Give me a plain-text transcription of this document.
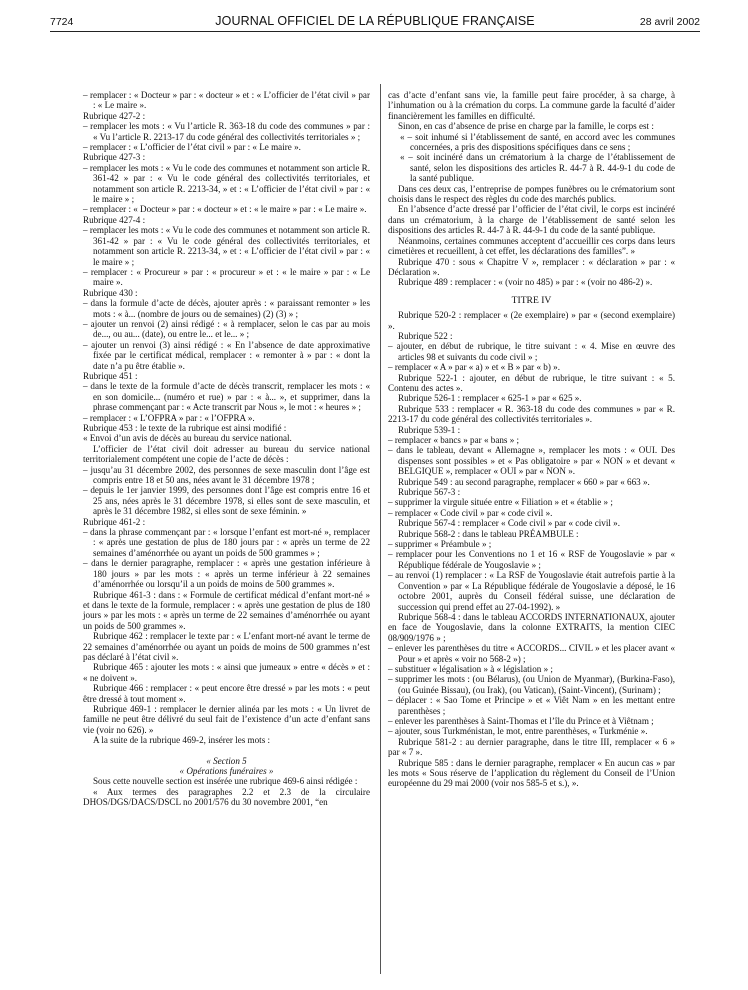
7724	JOURNAL OFFICIEL DE LA RÉPUBLIQUE FRANÇAISE	28 avril 2002

– remplacer : « Docteur » par : « docteur » et : « L’officier de l’état civil » par : « Le maire ».

Rubrique 427-2 :

– remplacer les mots : « Vu l’article R. 363-18 du code des communes » par : « Vu l’article R. 2213-17 du code général des collectivités territoriales » ;

– remplacer : « L’officier de l’état civil » par : « Le maire ».

Rubrique 427-3 :

– remplacer les mots : « Vu le code des communes et notamment son article R. 361-42 » par : « Vu le code général des collectivités territoriales, et notamment son article R. 2213-34, » et : « L’officier de l’état civil » par : « le maire » ;

– remplacer : « Docteur » par : « docteur » et : « le maire » par : « Le maire ».

Rubrique 427-4 :

– remplacer les mots : « Vu le code des communes et notamment son article R. 361-42 » par : « Vu le code général des collectivités territoriales, et notamment son article R. 2213-34, » et : « L’officier de l’état civil » par : « le maire » ;

– remplacer : « Procureur » par : « procureur » et : « le maire » par : « Le maire ».

Rubrique 430 :

– dans la formule d’acte de décès, ajouter après : « paraissant remonter » les mots : « à... (nombre de jours ou de semaines) (2) (3) » ;

– ajouter un renvoi (2) ainsi rédigé : « à remplacer, selon le cas par au mois de..., ou au... (date), ou entre le... et le... » ;

– ajouter un renvoi (3) ainsi rédigé : « En l’absence de date approximative fixée par le certificat médical, remplacer : « remonter à » par : « dont la date n’a pu être établie ».

Rubrique 451 :

– dans le texte de la formule d’acte de décès transcrit, remplacer les mots : « en son domicile... (numéro et rue) » par : « à... », et supprimer, dans la phrase commençant par : « Acte transcrit par Nous », le mot : « heures » ;

– remplacer : « L’OFPRA » par : « l’OFPRA ».

Rubrique 453 : le texte de la rubrique est ainsi modifié :

« Envoi d’un avis de décès au bureau du service national.

L’officier de l’état civil doit adresser au bureau du service national territorialement compétent une copie de l’acte de décès :

– jusqu’au 31 décembre 2002, des personnes de sexe masculin dont l’âge est compris entre 18 et 50 ans, nées avant le 31 décembre 1978 ;

– depuis le 1er janvier 1999, des personnes dont l’âge est compris entre 16 et 25 ans, nées après le 31 décembre 1978, si elles sont de sexe masculin, et après le 31 décembre 1982, si elles sont de sexe féminin. »

Rubrique 461-2 :

– dans la phrase commençant par : « lorsque l’enfant est mort-né », remplacer : « après une gestation de plus de 180 jours par : « après un terme de 22 semaines d’aménorrhée ou ayant un poids de 500 grammes » ;

– dans le dernier paragraphe, remplacer : « après une gestation inférieure à 180 jours » par les mots : « après un terme inférieur à 22 semaines d’aménorrhée ou lorsqu’il a un poids de moins de 500 grammes ».

Rubrique 461-3 : dans : « Formule de certificat médical d’enfant mort-né » et dans le texte de la formule, remplacer : « après une gestation de plus de 180 jours » par les mots : « après un terme de 22 semaines d’aménorrhée ou ayant un poids de 500 grammes ».

Rubrique 462 : remplacer le texte par : « L’enfant mort-né avant le terme de 22 semaines d’aménorrhée ou ayant un poids de moins de 500 grammes n’est pas déclaré à l’état civil ».

Rubrique 465 : ajouter les mots : « ainsi que jumeaux » entre « décès » et : « ne doivent ».

Rubrique 466 : remplacer : « peut encore être dressé » par les mots : « peut être dressé à tout moment ».

Rubrique 469-1 : remplacer le dernier alinéa par les mots : « Un livret de famille ne peut être délivré du seul fait de l’existence d’un acte d’enfant sans vie (voir no 626). »

A la suite de la rubrique 469-2, insérer les mots :

« Section 5

« Opérations funéraires »

Sous cette nouvelle section est insérée une rubrique 469-6 ainsi rédigée :

« Aux termes des paragraphes 2.2 et 2.3 de la circulaire DHOS/DGS/DACS/DSCL no 2001/576 du 30 novembre 2001, “en

cas d’acte d’enfant sans vie, la famille peut faire procéder, à sa charge, à l’inhumation ou à la crémation du corps. La commune garde la faculté d’aider financièrement les familles en difficulté.

Sinon, en cas d’absence de prise en charge par la famille, le corps est :

« – soit inhumé si l’établissement de santé, en accord avec les communes concernées, a pris des dispositions spécifiques dans ce sens ;

« – soit incinéré dans un crématorium à la charge de l’établissement de santé, selon les dispositions des articles R. 44-7 à R. 44-9-1 du code de la santé publique.

Dans ces deux cas, l’entreprise de pompes funèbres ou le crématorium sont choisis dans le respect des règles du code des marchés publics.

En l’absence d’acte dressé par l’officier de l’état civil, le corps est incinéré dans un crématorium, à la charge de l’établissement de santé selon les dispositions des articles R. 44-7 à R. 44-9-1 du code de la santé publique.

Néanmoins, certaines communes acceptent d’accueillir ces corps dans leurs cimetières et recueillent, à cet effet, les déclarations des familles”. »

Rubrique 470 : sous « Chapitre V », remplacer : « déclaration » par : « Déclaration ».

Rubrique 489 : remplacer : « (voir no 485) » par : « (voir no 486-2) ».

TITRE IV

Rubrique 520-2 : remplacer « (2e exemplaire) » par « (second exemplaire) ».

Rubrique 522 :

– ajouter, en début de rubrique, le titre suivant : « 4. Mise en œuvre des articles 98 et suivants du code civil » ;

– remplacer « A » par « a) » et « B » par « b) ».

Rubrique 522-1 : ajouter, en début de rubrique, le titre suivant : « 5. Contenu des actes ».

Rubrique 526-1 : remplacer « 625-1 » par « 625 ».

Rubrique 533 : remplacer « R. 363-18 du code des communes » par « R. 2213-17 du code général des collectivités territoriales ».

Rubrique 539-1 :

– remplacer « bancs » par « bans » ;

– dans le tableau, devant « Allemagne », remplacer les mots : « OUI. Des dispenses sont possibles » et « Pas obligatoire » par « NON » et devant « BELGIQUE », remplacer « OUI » par « NON ».

Rubrique 549 : au second paragraphe, remplacer « 660 » par « 663 ».

Rubrique 567-3 :

– supprimer la virgule située entre « Filiation » et « établie » ;

– remplacer « Code civil » par « code civil ».

Rubrique 567-4 : remplacer « Code civil » par « code civil ».

Rubrique 568-2 : dans le tableau PRÉAMBULE :

– supprimer « Préambule » ;

– remplacer pour les Conventions no 1 et 16 « RSF de Yougoslavie » par « République fédérale de Yougoslavie » ;

– au renvoi (1) remplacer : « La RSF de Yougoslavie était autrefois partie à la Convention » par « La République fédérale de Yougoslavie a déposé, le 16 octobre 2001, auprès du Conseil fédéral suisse, une déclaration de succession qui prend effet au 27-04-1992). »

Rubrique 568-4 : dans le tableau ACCORDS INTERNATIONAUX, ajouter en face de Yougoslavie, dans la colonne EXTRAITS, la mention CIEC 08/909/1976 » ;

– enlever les parenthèses du titre « ACCORDS... CIVIL » et les placer avant « Pour » et après « voir no 568-2 ») ;

– substituer « légalisation » à « législation » ;

– supprimer les mots : (ou Bélarus), (ou Union de Myanmar), (Burkina-Faso), (ou Guinée Bissau), (ou Irak), (ou Vatican), (Saint-Vincent), (Surinam) ;

– déplacer : « Sao Tome et Principe » et « Viêt Nam » en les mettant entre parenthèses ;

– enlever les parenthèses à Saint-Thomas et l’île du Prince et à Viêtnam ;

– ajouter, sous Turkménistan, le mot, entre parenthèses, « Turkménie ».

Rubrique 581-2 : au dernier paragraphe, dans le titre III, remplacer « 6 » par « 7 ».

Rubrique 585 : dans le dernier paragraphe, remplacer « En aucun cas » par les mots « Sous réserve de l’application du règlement du Conseil de l’Union européenne du 29 mai 2000 (voir nos 585-5 et s.), ».
